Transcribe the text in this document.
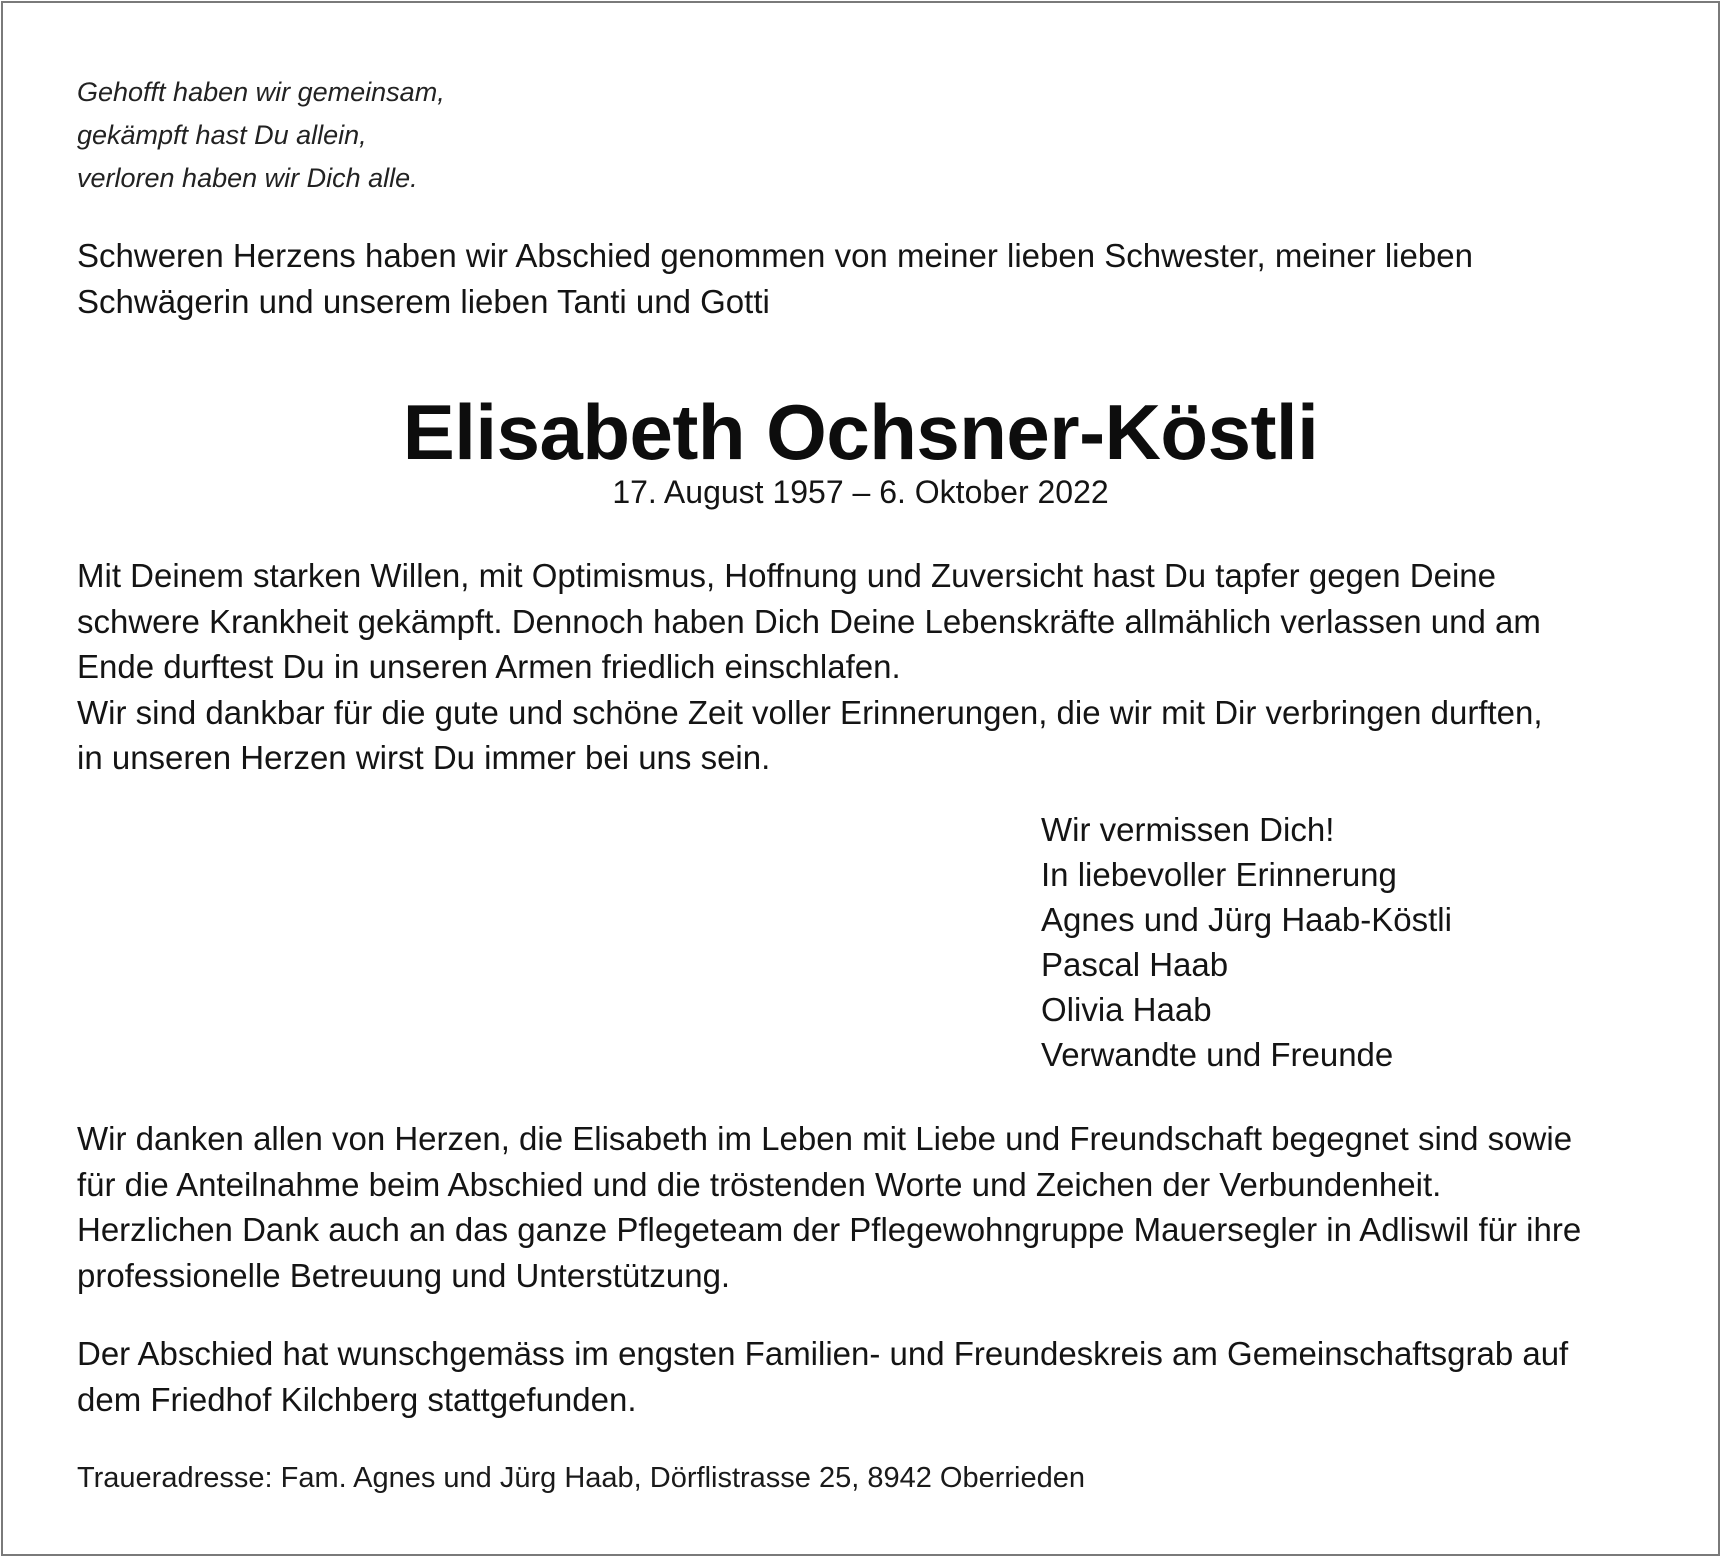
Gehofft haben wir gemeinsam,
gekämpft hast Du allein,
verloren haben wir Dich alle.
Schweren Herzens haben wir Abschied genommen von meiner lieben Schwester, meiner lieben
Schwägerin und unserem lieben Tanti und Gotti
Elisabeth Ochsner-Köstli
17. August 1957 – 6. Oktober 2022
Mit Deinem starken Willen, mit Optimismus, Hoffnung und Zuversicht hast Du tapfer gegen Deine
schwere Krankheit gekämpft. Dennoch haben Dich Deine Lebenskräfte allmählich verlassen und am
Ende durftest Du in unseren Armen friedlich einschlafen.
Wir sind dankbar für die gute und schöne Zeit voller Erinnerungen, die wir mit Dir verbringen durften,
in unseren Herzen wirst Du immer bei uns sein.
Wir vermissen Dich!
In liebevoller Erinnerung
Agnes und Jürg Haab-Köstli
Pascal Haab
Olivia Haab
Verwandte und Freunde
Wir danken allen von Herzen, die Elisabeth im Leben mit Liebe und Freundschaft begegnet sind sowie
für die Anteilnahme beim Abschied und die tröstenden Worte und Zeichen der Verbundenheit.
Herzlichen Dank auch an das ganze Pflegeteam der Pflegewohngruppe Mauersegler in Adliswil für ihre
professionelle Betreuung und Unterstützung.
Der Abschied hat wunschgemäss im engsten Familien- und Freundeskreis am Gemeinschaftsgrab auf
dem Friedhof Kilchberg stattgefunden.
Traueradresse: Fam. Agnes und Jürg Haab, Dörflistrasse 25, 8942 Oberrieden
